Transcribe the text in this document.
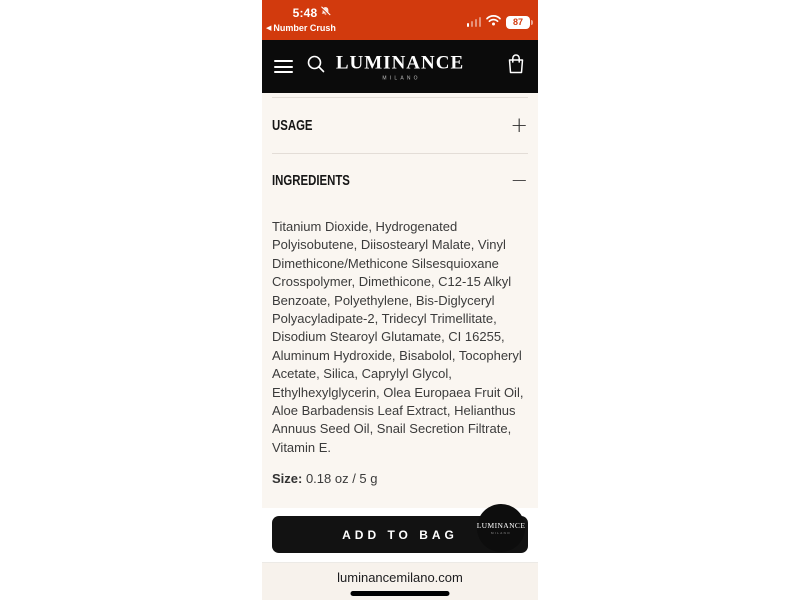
5:48
◀ Number Crush
87
LUMINANCE
MILANO
USAGE	+
INGREDIENTS	−

Titanium Dioxide, Hydrogenated Polyisobutene, Diisostearyl Malate, Vinyl Dimethicone/Methicone Silsesquioxane Crosspolymer, Dimethicone, C12-15 Alkyl Benzoate, Polyethylene, Bis-Diglyceryl Polyacyladipate-2, Tridecyl Trimellitate, Disodium Stearoyl Glutamate, CI 16255, Aluminum Hydroxide, Bisabolol, Tocopheryl Acetate, Silica, Caprylyl Glycol, Ethylhexylglycerin, Olea Europaea Fruit Oil, Aloe Barbadensis Leaf Extract, Helianthus Annuus Seed Oil, Snail Secretion Filtrate, Vitamin E.

Size: 0.18 oz / 5 g

ADD TO BAG
LUMINANCE
MILANO
luminancemilano.com
